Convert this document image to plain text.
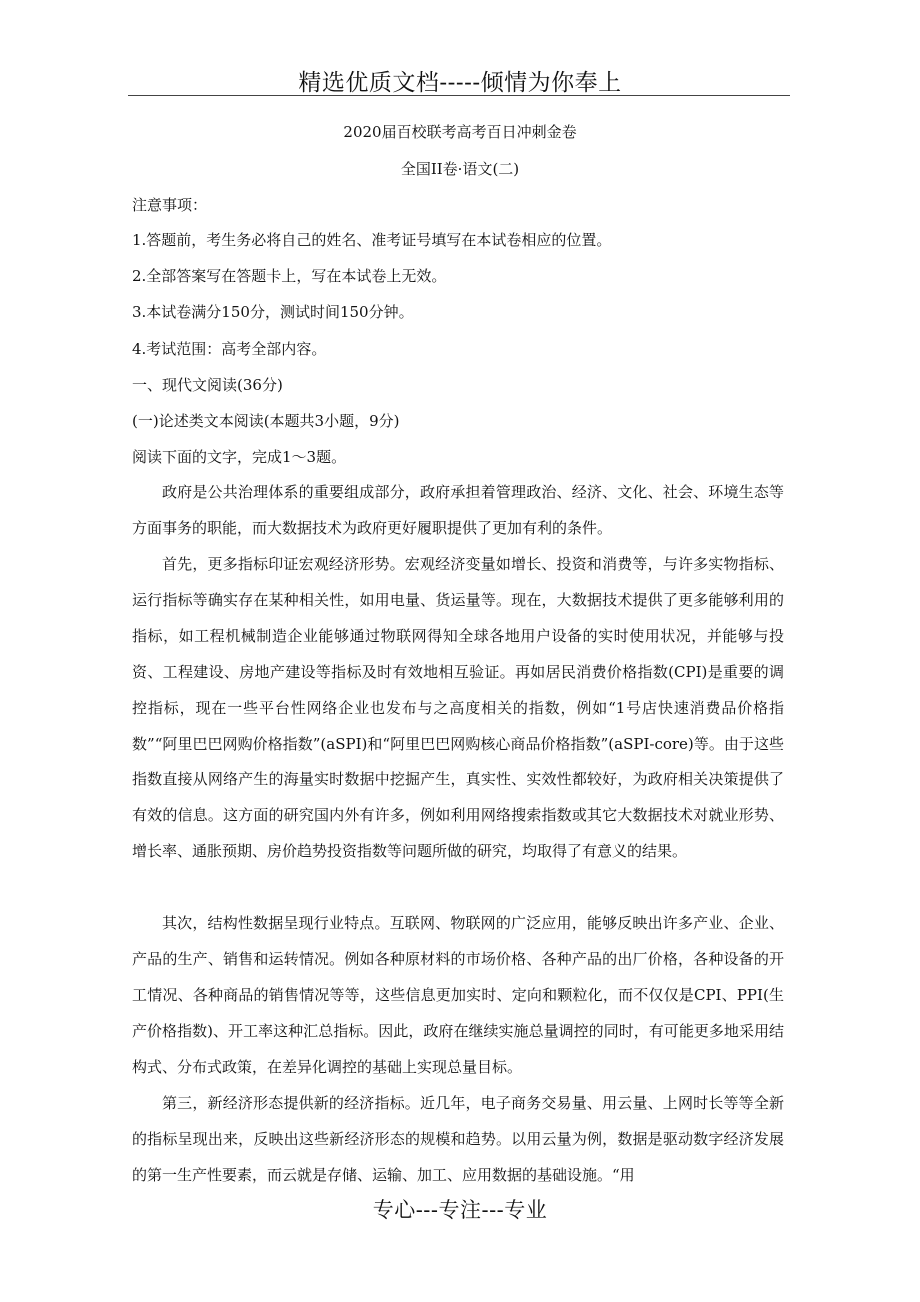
精选优质文档-----倾情为你奉上
2020届百校联考高考百日冲刺金卷
全国II卷·语文(二)
注意事项：
1.答题前，考生务必将自己的姓名、准考证号填写在本试卷相应的位置。
2.全部答案写在答题卡上，写在本试卷上无效。
3.本试卷满分150分，测试时间150分钟。
4.考试范围：高考全部内容。
一、现代文阅读(36分)
(一)论述类文本阅读(本题共3小题，9分)
阅读下面的文字，完成1～3题。

政府是公共治理体系的重要组成部分，政府承担着管理政治、经济、文化、社会、环境生态等方面事务的职能，而大数据技术为政府更好履职提供了更加有利的条件。

首先，更多指标印证宏观经济形势。宏观经济变量如增长、投资和消费等，与许多实物指标、运行指标等确实存在某种相关性，如用电量、货运量等。现在，大数据技术提供了更多能够利用的指标，如工程机械制造企业能够通过物联网得知全球各地用户设备的实时使用状况，并能够与投资、工程建设、房地产建设等指标及时有效地相互验证。再如居民消费价格指数(CPI)是重要的调控指标，现在一些平台性网络企业也发布与之高度相关的指数，例如“1号店快速消费品价格指数”“阿里巴巴网购价格指数”(aSPI)和“阿里巴巴网购核心商品价格指数”(aSPI-core)等。由于这些指数直接从网络产生的海量实时数据中挖掘产生，真实性、实效性都较好，为政府相关决策提供了有效的信息。这方面的研究国内外有许多，例如利用网络搜索指数或其它大数据技术对就业形势、增长率、通胀预期、房价趋势投资指数等问题所做的研究，均取得了有意义的结果。

其次，结构性数据呈现行业特点。互联网、物联网的广泛应用，能够反映出许多产业、企业、产品的生产、销售和运转情况。例如各种原材料的市场价格、各种产品的出厂价格，各种设备的开工情况、各种商品的销售情况等等，这些信息更加实时、定向和颗粒化，而不仅仅是CPI、PPI(生产价格指数)、开工率这种汇总指标。因此，政府在继续实施总量调控的同时，有可能更多地采用结构式、分布式政策，在差异化调控的基础上实现总量目标。

第三，新经济形态提供新的经济指标。近几年，电子商务交易量、用云量、上网时长等等全新的指标呈现出来，反映出这些新经济形态的规模和趋势。以用云量为例，数据是驱动数字经济发展的第一生产性要素，而云就是存储、运输、加工、应用数据的基础设施。“用

专心---专注---专业
